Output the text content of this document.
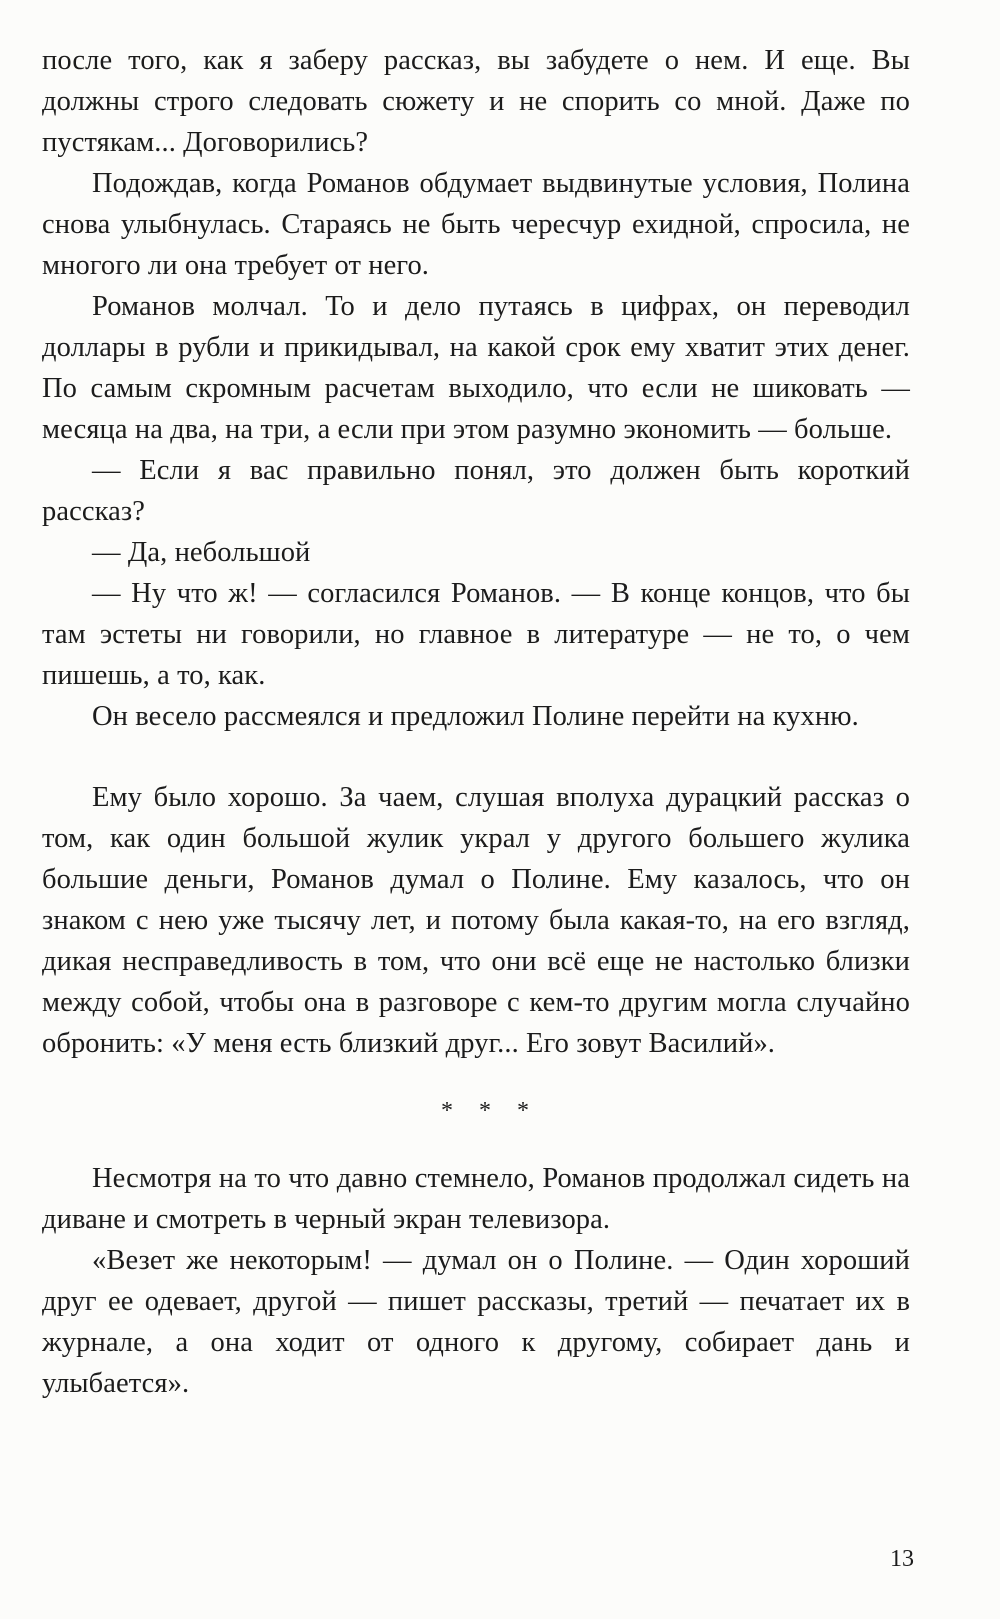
после того, как я заберу рассказ, вы забудете о нем. И еще. Вы должны строго следовать сюжету и не спорить со мной. Даже по пустякам... Договорились?

Подождав, когда Романов обдумает выдвинутые условия, Полина снова улыбнулась. Стараясь не быть чересчур ехидной, спросила, не многого ли она требует от него.

Романов молчал. То и дело путаясь в цифрах, он переводил доллары в рубли и прикидывал, на какой срок ему хватит этих денег. По самым скромным расчетам выходило, что если не шиковать — месяца на два, на три, а если при этом разумно экономить — больше.

— Если я вас правильно понял, это должен быть короткий рассказ?

— Да, небольшой

— Ну что ж! — согласился Романов. — В конце концов, что бы там эстеты ни говорили, но главное в литературе — не то, о чем пишешь, а то, как.

Он весело рассмеялся и предложил Полине перейти на кухню.

Ему было хорошо. За чаем, слушая вполуха дурацкий рассказ о том, как один большой жулик украл у другого большего жулика большие деньги, Романов думал о Полине. Ему казалось, что он знаком с нею уже тысячу лет, и потому была какая-то, на его взгляд, дикая несправедливость в том, что они всё еще не настолько близки между собой, чтобы она в разговоре с кем-то другим могла случайно обронить: «У меня есть близкий друг... Его зовут Василий».

* * *

Несмотря на то что давно стемнело, Романов продолжал сидеть на диване и смотреть в черный экран телевизора.

«Везет же некоторым! — думал он о Полине. — Один хороший друг ее одевает, другой — пишет рассказы, третий — печатает их в журнале, а она ходит от одного к другому, собирает дань и улыбается».

13
